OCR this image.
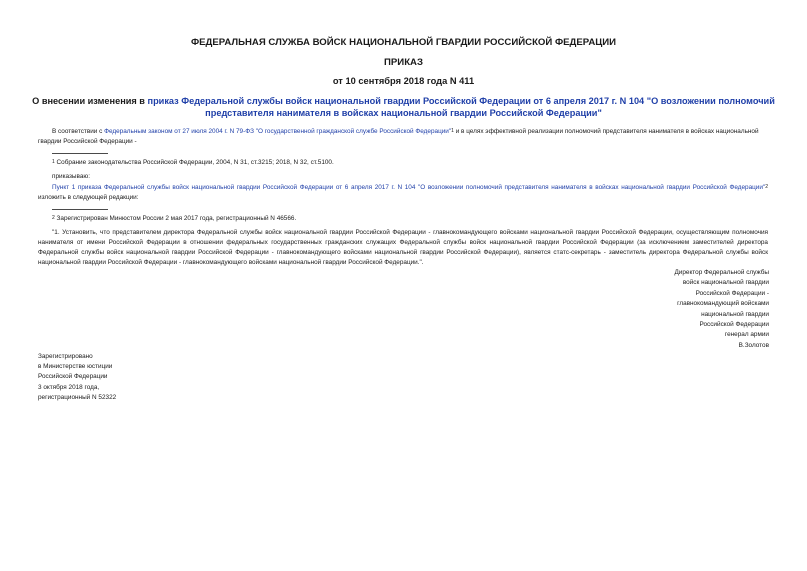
ФЕДЕРАЛЬНАЯ СЛУЖБА ВОЙСК НАЦИОНАЛЬНОЙ ГВАРДИИ РОССИЙСКОЙ ФЕДЕРАЦИИ
ПРИКАЗ
от 10 сентября 2018 года N 411
О внесении изменения в приказ Федеральной службы войск национальной гвардии Российской Федерации от 6 апреля 2017 г. N 104 "О возложении полномочий представителя нанимателя в войсках национальной гвардии Российской Федерации"
В соответствии с Федеральным законом от 27 июля 2004 г. N 79-ФЗ "О государственной гражданской службе Российской Федерации"$^1$ и в целях эффективной реализации полномочий представителя нанимателя в войсках национальной гвардии Российской Федерации -
$^1$ Собрание законодательства Российской Федерации, 2004, N 31, ст.3215; 2018, N 32, ст.5100.
приказываю:
Пункт 1 приказа Федеральной службы войск национальной гвардии Российской Федерации от 6 апреля 2017 г. N 104 "О возложении полномочий представителя нанимателя в войсках национальной гвардии Российской Федерации"$^2$ изложить в следующей редакции:
$^2$ Зарегистрирован Минюстом России 2 мая 2017 года, регистрационный N 46566.
"1. Установить, что представителем директора Федеральной службы войск национальной гвардии Российской Федерации - главнокомандующего войсками национальной гвардии Российской Федерации, осуществляющим полномочия нанимателя от имени Российской Федерации в отношении федеральных государственных гражданских служащих Федеральной службы войск национальной гвардии Российской Федерации (за исключением заместителей директора Федеральной службы войск национальной гвардии Российской Федерации - главнокомандующего войсками национальной гвардии Российской Федерации), является статс-секретарь - заместитель директора Федеральной службы войск национальной гвардии Российской Федерации - главнокомандующего войсками национальной гвардии Российской Федерации.".
Директор Федеральной службы
войск национальной гвардии
Российской Федерации -
главнокомандующий войсками
национальной гвардии
Российской Федерации
генерал армии
В.Золотов
Зарегистрировано
в Министерстве юстиции
Российской Федерации
3 октября 2018 года,
регистрационный N 52322
